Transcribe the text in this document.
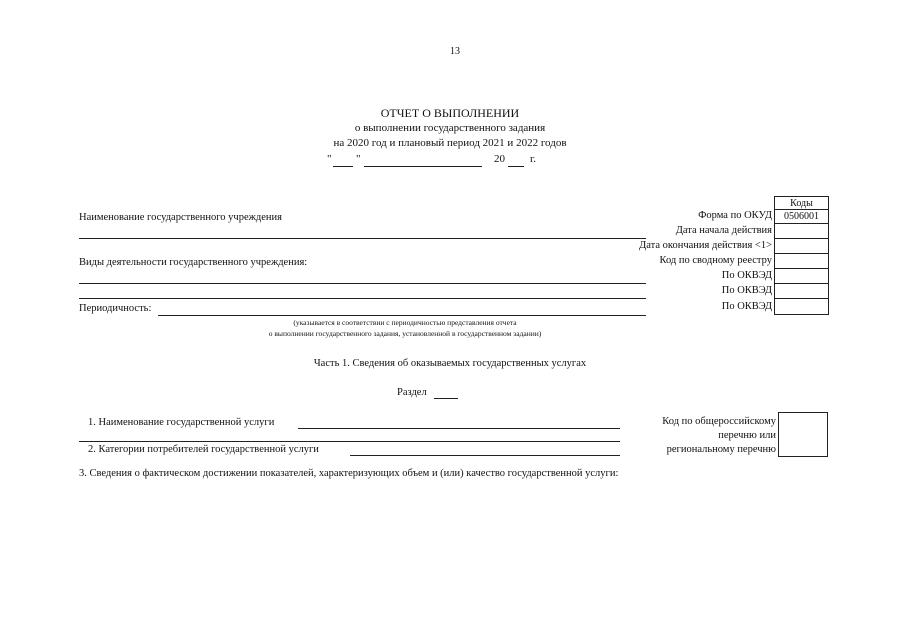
13
ОТЧЕТ О ВЫПОЛНЕНИИ
о выполнении государственного задания
на 2020 год и плановый период 2021 и 2022 годов
" "	20 г.
Коды
0506001
Форма по ОКУД
Дата начала действия
Дата окончания действия <1>
Код по сводному реестру
По ОКВЭД
По ОКВЭД
По ОКВЭД
Наименование государственного учреждения
Виды деятельности государственного учреждения:
Периодичность:
(указывается в соответствии с периодичностью представления отчета
о выполнении государственного задания, установленной в государственном задании)
Часть 1. Сведения об оказываемых государственных услугах
Раздел
1. Наименование государственной услуги
2. Категории потребителей государственной услуги
Код по общероссийскому
перечню или
региональному перечню
3. Сведения о фактическом достижении показателей, характеризующих объем и (или) качество государственной услуги:
